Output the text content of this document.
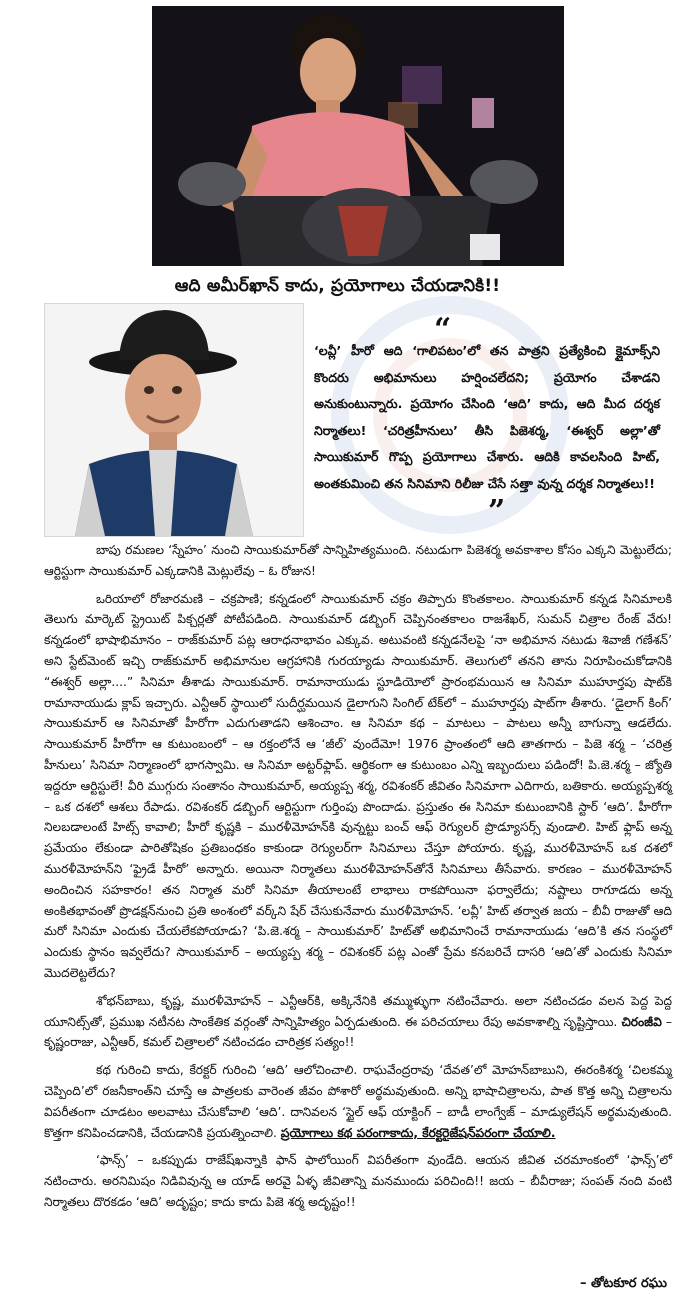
ఆది అమీర్‌ఖాన్ కాదు, ప్రయోగాలు చేయడానికి!!
“
‘లవ్లీ’ హీరో ఆది ‘గాలిపటం’లో తన పాత్రని ప్రత్యేకించి క్లైమాక్స్‌ని కొందరు అభిమానులు హర్షించలేదని; ప్రయోగం చేశాడని అనుకుంటున్నారు. ప్రయోగం చేసింది ‘ఆది’ కాదు, ఆది మీద దర్శక నిర్మాతలు! ‘చరిత్రహీనులు’ తీసి పిజెశర్మ, ‘ఈశ్వర్ అల్లా’తో సాయికుమార్ గొప్ప ప్రయోగాలు చేశారు. ఆదికి కావలసింది హిట్, అంతకుమించి తన సినిమాని రిలీజు చేసే సత్తా వున్న దర్శక నిర్మాతలు!!
”

బాపు రమణల ‘స్నేహం’ నుంచి సాయికుమార్‌తో సాన్నిహిత్యముంది. నటుడుగా పిజెశర్మ అవకాశాల కోసం ఎక్కని మెట్టులేదు; ఆర్టిస్టుగా సాయికుమార్ ఎక్కడానికి మెట్లులేవు – ఓ రోజున!

ఒరియాలో రోజారమణి – చక్రపాణి; కన్నడంలో సాయికుమార్ చక్రం తిప్పారు కొంతకాలం. సాయికుమార్ కన్నడ సినిమాలకి తెలుగు మార్కెట్ స్ట్రెయిట్ పిక్చర్లతో పోటీపడింది. సాయికుమార్ డబ్బింగ్ చెప్పినంతకాలం రాజశేఖర్, సుమన్ చిత్రాల రేంజ్ వేరు! కన్నడంలో భాషాభిమానం – రాజ్‌కుమార్ పట్ల ఆరాధనాభావం ఎక్కువ. అటువంటి కన్నడనేలపై ‘నా అభిమాన నటుడు శివాజీ గణేశన్’ అని స్టేట్‌మెంట్ ఇచ్చి రాజ్‌కుమార్ అభిమానుల ఆగ్రహానికి గురయ్యాడు సాయికుమార్. తెలుగులో తనని తాను నిరూపించుకోడానికి “ఈశ్వర్ అల్లా....” సినిమా తీశాడు సాయికుమార్. రామానాయుడు స్టూడియోలో ప్రారంభమయిన ఆ సినిమా ముహూర్తపు షాట్‌కి రామానాయుడు క్లాప్ ఇచ్చారు. ఎన్టీఆర్ స్థాయిలో సుదీర్ఘమయిన డైలాగుని సింగిల్ టేక్‌లో – ముహూర్తపు షాట్‌గా తీశారు. ‘డైలాగ్ కింగ్’ సాయికుమార్ ఆ సినిమాతో హీరోగా ఎదుగుతాడని ఆశించాం. ఆ సినిమా కథ – మాటలు – పాటలు అన్నీ బాగున్నా ఆడలేదు. సాయికుమార్ హీరోగా ఆ కుటుంబంలో – ఆ రక్తంలోనే ఆ ‘జీల్’ వుందేమో! 1976 ప్రాంతంలో ఆది తాతగారు – పిజె శర్మ – ‘చరిత్ర హీనులు’ సినిమా నిర్మాణంలో భాగస్వామి. ఆ సినిమా అట్టర్‌ఫ్లాప్. ఆర్థికంగా ఆ కుటుంబం ఎన్ని ఇబ్బందులు పడిందో! పి.జె.శర్మ – జ్యోతి ఇద్దరూ ఆర్టిస్టులే! వీరి ముగ్గురు సంతానం సాయికుమార్, అయ్యప్ప శర్మ, రవిశంకర్ జీవితం సినిమాగా ఎదిగారు, బతికారు. అయ్యప్పశర్మ – ఒక దశలో ఆశలు రేపాడు. రవిశంకర్ డబ్బింగ్ ఆర్టిస్టుగా గుర్తింపు పొందాడు. ప్రస్తుతం ఈ సినిమా కుటుంబానికి స్టార్ ‘ఆది’. హీరోగా నిలబడాలంటే హిట్స్ కావాలి; హీరో కృష్ణకి – మురళీమోహన్‌కి వున్నట్టు బంచ్ ఆఫ్ రెగ్యులర్ ప్రొడ్యూసర్స్ వుండాలి. హిట్ ఫ్లాప్ అన్న ప్రమేయం లేకుండా పారితోషికం ప్రతిబంధకం కాకుండా రెగ్యులర్‌గా సినిమాలు చేస్తూ పోయారు. కృష్ణ, మురళీమోహన్ ఒక దశలో మురళీమోహన్‌ని ‘ఫ్రైడే హీరో’ అన్నారు. అయినా నిర్మాతలు మురళీమోహన్‌తోనే సినిమాలు తీసేవారు. కారణం – మురళీమోహన్ అందించిన సహకారం! తన నిర్మాత మరో సినిమా తీయాలంటే లాభాలు రాకపోయినా ఫర్వాలేదు; నష్టాలు రాగూడదు అన్న అంకితభావంతో ప్రొడక్షన్‌నుంచి ప్రతి అంశంలో వర్క్‌ని షేర్ చేసుకునేవారు మురళీమోహన్. ‘లవ్లీ’ హిట్ తర్వాత జయ – బీవీ రాజుతో ఆది మరో సినిమా ఎందుకు చేయలేకపోయాడు? ‘పి.జె.శర్మ – సాయికుమార్’ హిట్‌తో అభిమానించే రామానాయుడు ‘ఆది’కి తన సంస్థలో ఎందుకు స్థానం ఇవ్వలేదు? సాయికుమార్ – అయ్యప్ప శర్మ – రవిశంకర్ పట్ల ఎంతో ప్రేమ కనబరిచే దాసరి ‘ఆది’తో ఎందుకు సినిమా మొదలెట్టలేదు?

శోభన్‌బాబు, కృష్ణ, మురళీమోహన్ – ఎన్టీఆర్‌కి, అక్కినేనికి తమ్ముళ్ళుగా నటించేవారు. అలా నటించడం వలన పెద్ద పెద్ద యూనిట్స్‌తో, ప్రముఖ నటీనట సాంకేతిక వర్గంతో సాన్నిహిత్యం ఏర్పడుతుంది. ఈ పరిచయాలు రేపు అవకాశాల్ని సృష్టిస్తాయి. చిరంజీవి – కృష్ణంరాజు, ఎన్టీఆర్, కమల్ చిత్రాలలో నటించడం చారిత్రక సత్యం!!

కథ గురించి కాదు, కేరక్టర్ గురించి ‘ఆది’ ఆలోచించాలి. రాఘవేంద్రరావు ‘దేవత’లో మోహన్‌బాబుని, ఈరంకిశర్మ ‘చిలకమ్మ చెప్పింది’లో రజనీకాంత్‌ని చూస్తే ఆ పాత్రలకు వారెంత జీవం పోశారో అర్థమవుతుంది. అన్ని భాషాచిత్రాలను, పాత కొత్త అన్ని చిత్రాలను విపరీతంగా చూడటం అలవాటు చేసుకోవాలి ‘ఆది’. దానివలన ‘స్టైల్ ఆఫ్ యాక్టింగ్ – బాడీ లాంగ్వేజ్ – మాడ్యులేషన్ అర్థమవుతుంది. కొత్తగా కనిపించడానికి, చేయడానికి ప్రయత్నించాలి. ప్రయోగాలు కథ పరంగాకాదు, కేరక్టరైజేషన్‌పరంగా చేయాలి.

‘ఫాన్స్’ – ఒకప్పుడు రాజేష్‌ఖన్నాకి ఫాన్ ఫాలోయింగ్ విపరీతంగా వుండేది. ఆయన జీవిత చరమాంకంలో ‘ఫాన్స్’లో నటించారు. అరనిమిషం నిడివివున్న ఆ యాడ్ అరవై ఏళ్ళ జీవితాన్ని మనముందు పరిచింది!! జయ – బీవీరాజు; సంపత్ నంది వంటి నిర్మాతలు దొరకడం ‘ఆది’ అదృష్టం; కాదు కాదు పిజె శర్మ అదృష్టం!!

– తోటకూర రఘు
